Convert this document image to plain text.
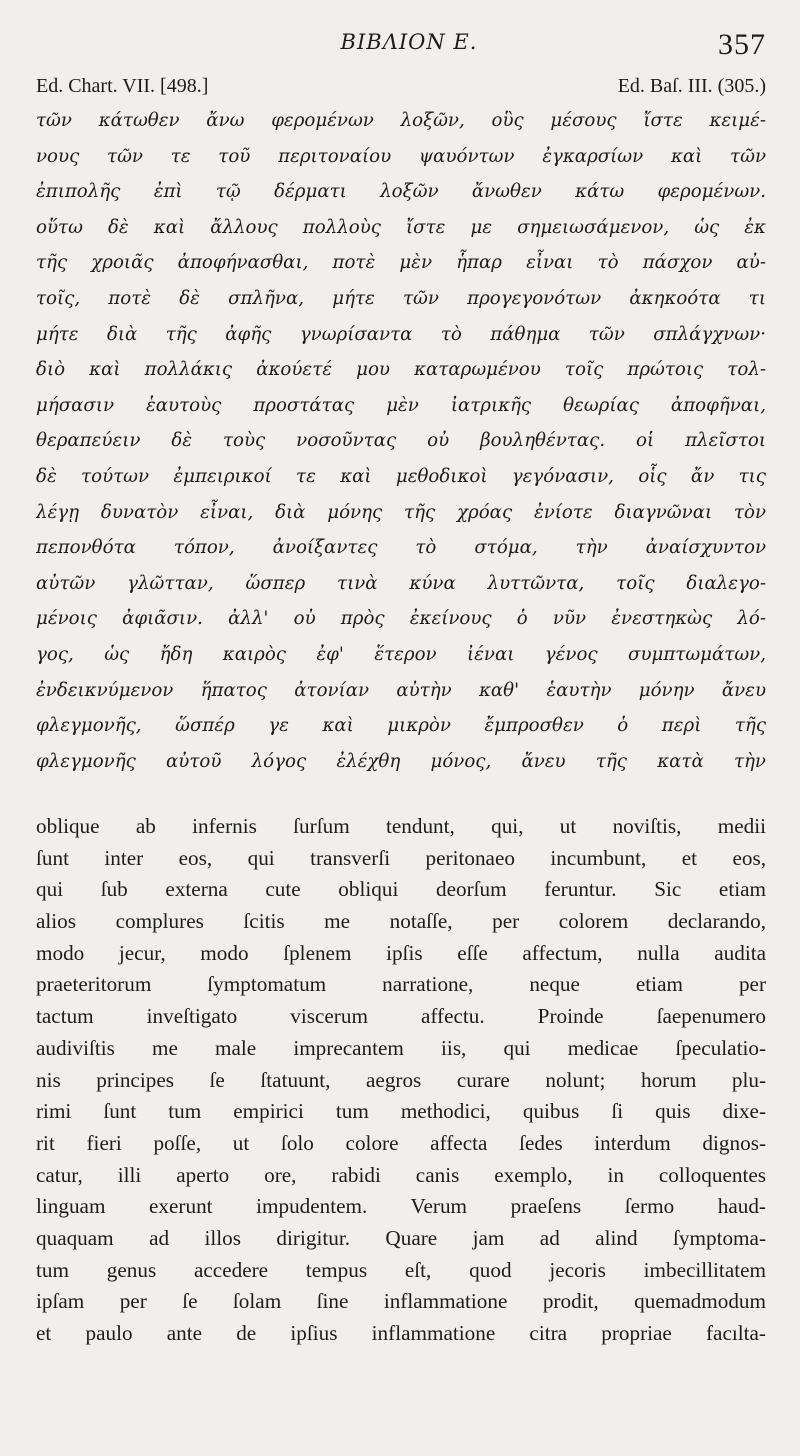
ΒΙΒΛΙΟΝ Ε.	357
Ed. Chart. VII. [498.]	Ed. Baſ. III. (305.)
τῶν κάτωθεν ἄνω φερομένων λοξῶν, οὓς μέσους ἴστε κειμέ-
νους τῶν τε τοῦ περιτοναίου ψαυόντων ἐγκαρσίων καὶ τῶν
ἐπιπολῆς ἐπὶ τῷ δέρματι λοξῶν ἄνωθεν κάτω φερομένων.
οὕτω δὲ καὶ ἄλλους πολλοὺς ἴστε με σημειωσάμενον, ὡς ἐκ
τῆς χροιᾶς ἀποφήνασθαι, ποτὲ μὲν ἧπαρ εἶναι τὸ πάσχον αὐ-
τοῖς, ποτὲ δὲ σπλῆνα, μήτε τῶν προγεγονότων ἀκηκοότα τι
μήτε διὰ τῆς ἀφῆς γνωρίσαντα τὸ πάθημα τῶν σπλάγχνων·
διὸ καὶ πολλάκις ἀκούετέ μου καταρωμένου τοῖς πρώτοις τολ-
μήσασιν ἑαυτοὺς προστάτας μὲν ἰατρικῆς θεωρίας ἀποφῆναι,
θεραπεύειν δὲ τοὺς νοσοῦντας οὐ βουληθέντας. οἱ πλεῖστοι
δὲ τούτων ἐμπειρικοί τε καὶ μεθοδικοὶ γεγόνασιν, οἷς ἄν τις
λέγῃ δυνατὸν εἶναι, διὰ μόνης τῆς χρόας ἐνίοτε διαγνῶναι τὸν
πεπονθότα τόπον, ἀνοίξαντες τὸ στόμα, τὴν ἀναίσχυντον
αὐτῶν γλῶτταν, ὥσπερ τινὰ κύνα λυττῶντα, τοῖς διαλεγο-
μένοις ἀφιᾶσιν. ἀλλ' οὐ πρὸς ἐκείνους ὁ νῦν ἐνεστηκὼς λό-
γος, ὡς ἤδη καιρὸς ἐφ' ἕτερον ἰέναι γένος συμπτωμάτων,
ἐνδεικνύμενον ἥπατος ἀτονίαν αὐτὴν καθ' ἑαυτὴν μόνην ἄνευ
φλεγμονῆς, ὥσπέρ γε καὶ μικρὸν ἔμπροσθεν ὁ περὶ τῆς
φλεγμονῆς αὐτοῦ λόγος ἐλέχθη μόνος, ἄνευ τῆς κατὰ τὴν
oblique ab infernis ſurſum tendunt, qui, ut noviſtis, medii
ſunt inter eos, qui transverſi peritonaeo incumbunt, et eos,
qui ſub externa cute obliqui deorſum feruntur. Sic etiam
alios complures ſcitis me notaſſe, per colorem declarando,
modo jecur, modo ſplenem ipſis eſſe affectum, nulla audita
praeteritorum ſymptomatum narratione, neque etiam per
tactum inveſtigato viscerum affectu. Proinde ſaepenumero
audiviſtis me male imprecantem iis, qui medicae ſpeculatio-
nis principes ſe ſtatuunt, aegros curare nolunt; horum plu-
rimi ſunt tum empirici tum methodici, quibus ſi quis dixe-
rit fieri poſſe, ut ſolo colore affecta ſedes interdum dignos-
catur, illi aperto ore, rabidi canis exemplo, in colloquentes
linguam exerunt impudentem. Verum praeſens ſermo haud-
quaquam ad illos dirigitur. Quare jam ad alind ſymptoma-
tum genus accedere tempus eſt, quod jecoris imbecillitatem
ipſam per ſe ſolam ſine inflammatione prodit, quemadmodum
et paulo ante de ipſius inflammatione citra propriae facılta-
